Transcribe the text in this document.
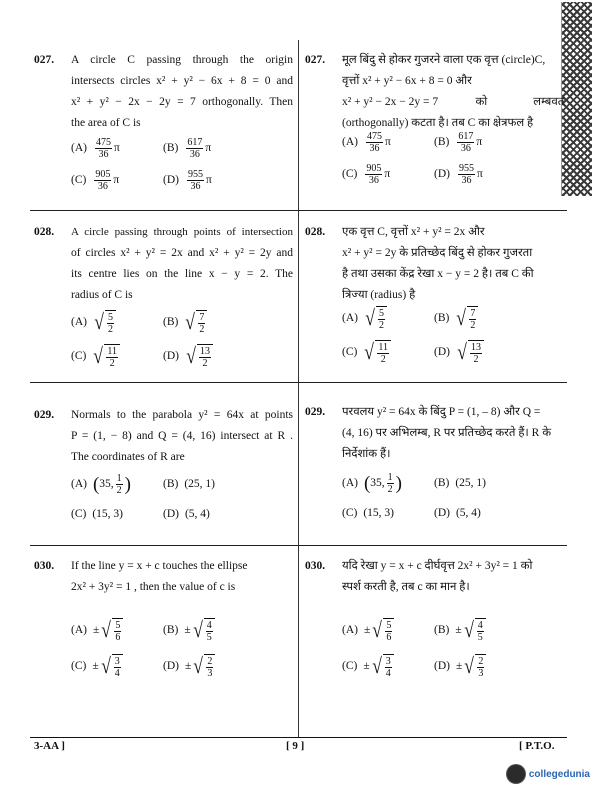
027. A circle C passing through the origin
intersects circles x² + y² − 6x + 8 = 0 and
x² + y² − 2x − 2y = 7 orthogonally. Then
the area of C is
$(A) \frac{475}{36}$ π	$(B) \frac{617}{36}$ π
$(C) \frac{905}{36}$ π	$(D) \frac{955}{36}$ π
027. मूल बिंदु से होकर गुजरने वाला एक वृत्त (circle)C,
वृत्तों x² + y² − 6x + 8 = 0 और
x² + y² − 2x − 2y = 7             को                लम्बवत
(orthogonally) कटता है। तब C का क्षेत्रफल है
$(A) \frac{475}{36}$ π	$(B) \frac{617}{36}$ π
$(C) \frac{905}{36}$ π	$(D) \frac{955}{36}$ π
028. A circle passing through points of intersection
of circles x² + y² = 2x and x² + y² = 2y and
its centre lies on the line x − y = 2. The
radius of C is
(A) √ $\frac{5}{2}$	(B) √ $\frac{7}{2}$
(C) √ $\frac{11}{2}$	(D) √ $\frac{13}{2}$
028. एक वृत्त C, वृत्तों x² + y² = 2x और
x² + y² = 2y के प्रतिच्छेद बिंदु से होकर गुजरता
है तथा उसका केंद्र रेखा x − y = 2 है। तब C की
त्रिज्या (radius) है
(A) √ $\frac{5}{2}$	(B) √ $\frac{7}{2}$
(C) √ $\frac{11}{2}$	(D) √ $\frac{13}{2}$
029. Normals to the parabola y² = 64x at points
P = (1, − 8) and Q = (4, 16) intersect at R .
The coordinates of R are
(A) ( 35, $\frac{1}{2}$ )	(B) (25, 1)
(C) (15, 3)	(D) (5, 4)
029. परवलय y² = 64x के बिंदु P = (1, – 8) और Q =
(4, 16) पर अभिलम्ब, R पर प्रतिच्छेद करते हैं। R के
निर्देशांक हैं।
(A) ( 35, $\frac{1}{2}$ )	(B) (25, 1)
(C) (15, 3)	(D) (5, 4)
030. If the line y = x + c touches the ellipse
2x² + 3y² = 1 , then the value of c is
(A) ± √ $\frac{5}{6}$	(B) ± √ $\frac{4}{5}$
(C) ± √ $\frac{3}{4}$	(D) ± √ $\frac{2}{3}$
030. यदि रेखा y = x + c दीर्घवृत्त 2x² + 3y² = 1 को
स्पर्श करती है, तब c का मान है।
(A) ± √ $\frac{5}{6}$	(B) ± √ $\frac{4}{5}$
(C) ± √ $\frac{3}{4}$	(D) ± √ $\frac{2}{3}$
3-AA ]	[ 9 ]	[ P.T.O.
collegedunia
